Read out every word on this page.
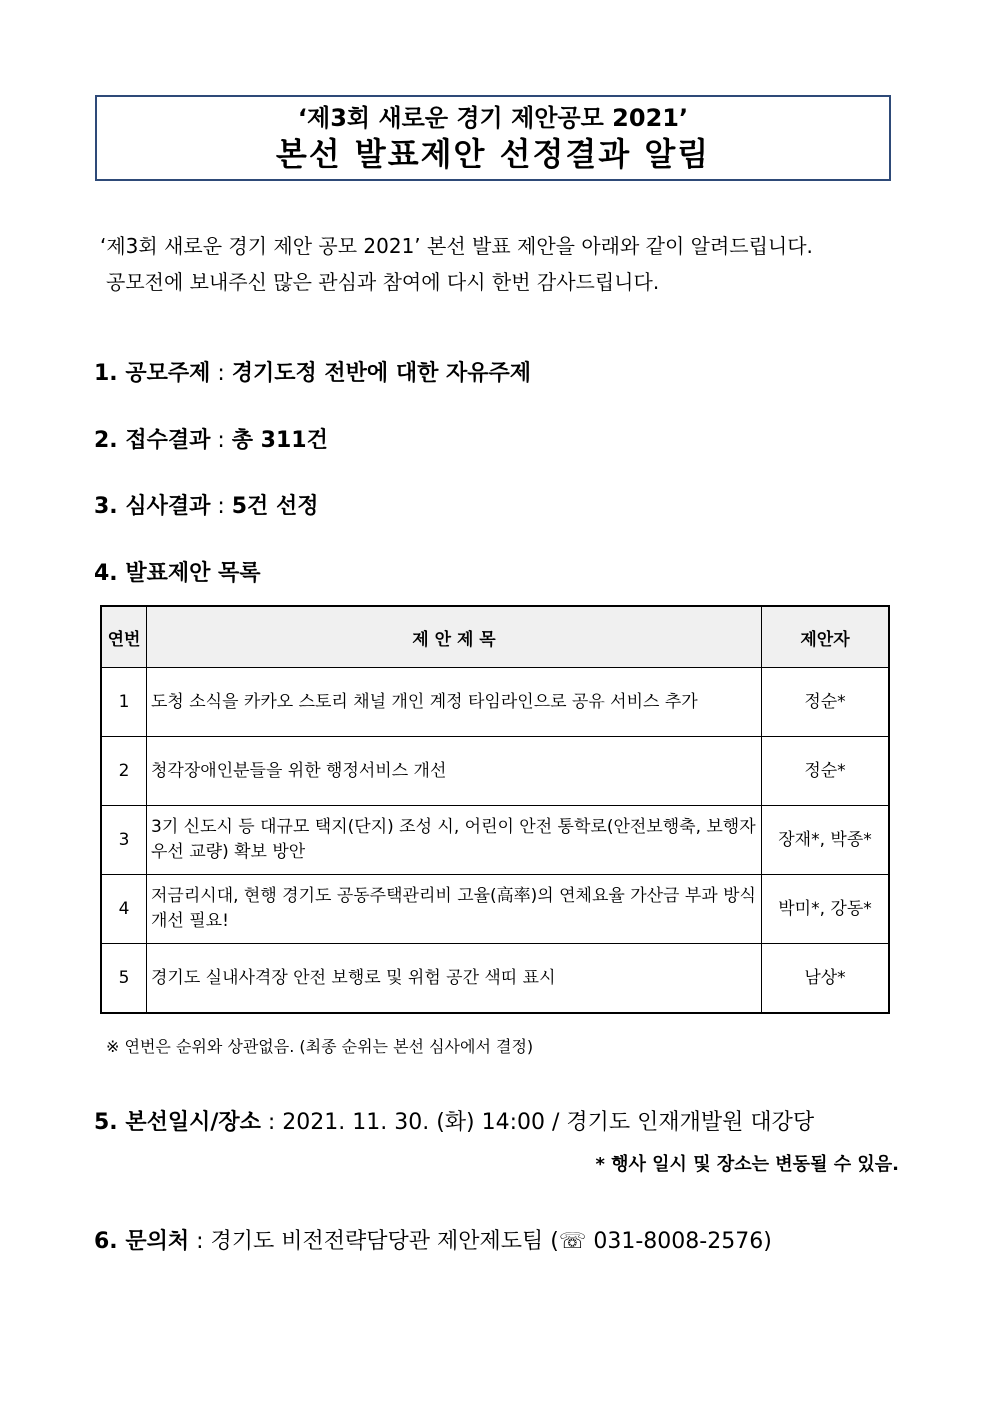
‘제3회 새로운 경기 제안공모 2021’
본선 발표제안 선정결과 알림
‘제3회 새로운 경기 제안 공모 2021’ 본선 발표 제안을 아래와 같이 알려드립니다.
공모전에 보내주신 많은 관심과 참여에 다시 한번 감사드립니다.
1. 공모주제 : 경기도정 전반에 대한 자유주제
2. 접수결과 : 총 311건
3. 심사결과 : 5건 선정
4. 발표제안 목록
연번	제 안 제 목	제안자
1	도청 소식을 카카오 스토리 채널 개인 계정 타임라인으로 공유 서비스 추가	정순*
2	청각장애인분들을 위한 행정서비스 개선	정순*
3	3기 신도시 등 대규모 택지(단지) 조성 시, 어린이 안전 통학로(안전보행축, 보행자 우선 교량) 확보 방안	장재*, 박종*
4	저금리시대, 현행 경기도 공동주택관리비 고율(高率)의 연체요율 가산금 부과 방식 개선 필요!	박미*, 강동*
5	경기도 실내사격장 안전 보행로 및 위험 공간 색띠 표시	남상*
※ 연번은 순위와 상관없음. (최종 순위는 본선 심사에서 결정)
5. 본선일시/장소 : 2021. 11. 30. (화) 14:00 / 경기도 인재개발원 대강당
* 행사 일시 및 장소는 변동될 수 있음.
6. 문의처 : 경기도 비전전략담당관 제안제도팀 (☏ 031-8008-2576)
